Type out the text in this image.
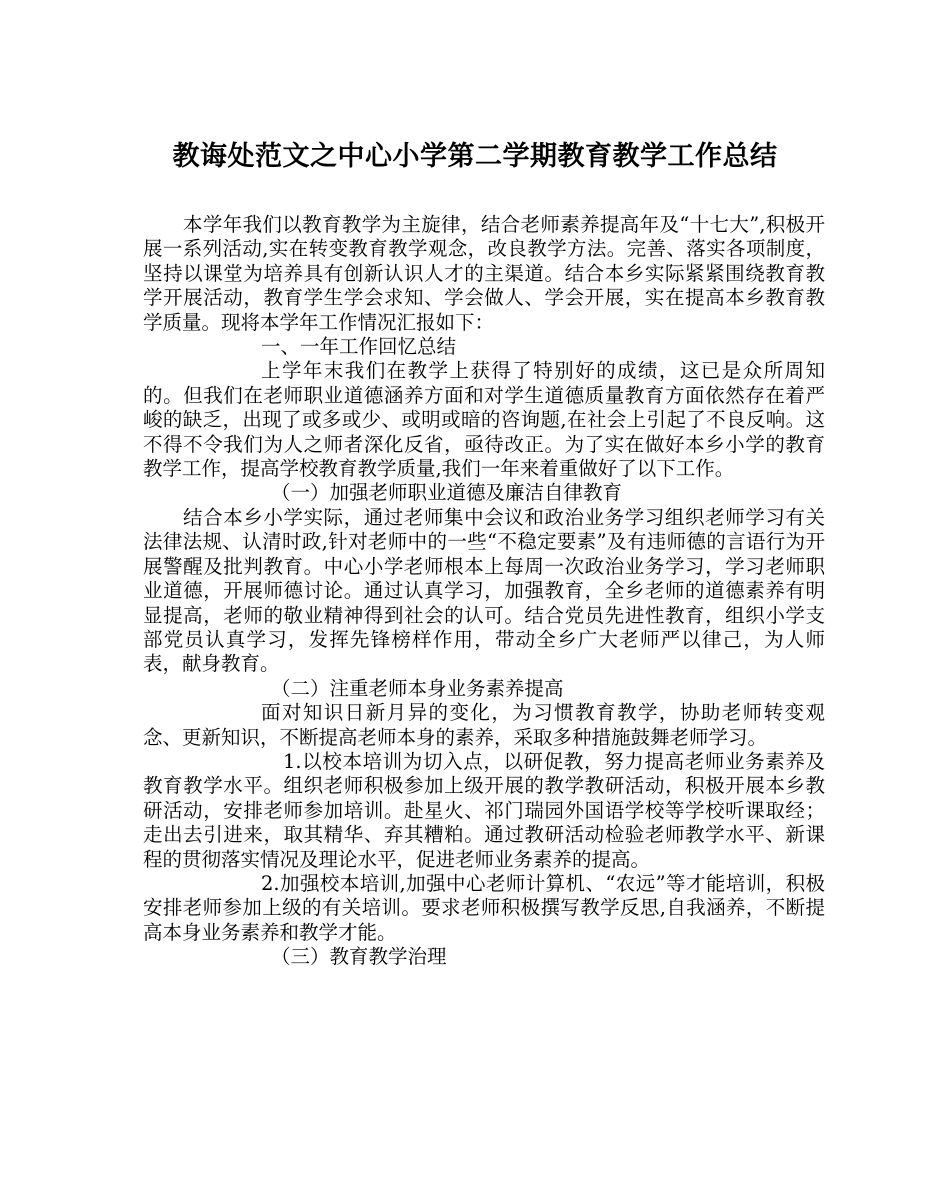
教诲处范文之中心小学第二学期教育教学工作总结

本学年我们以教育教学为主旋律，结合老师素养提高年及“十七大”,积极开展一系列活动,实在转变教育教学观念，改良教学方法。完善、落实各项制度，坚持以课堂为培养具有创新认识人才的主渠道。结合本乡实际紧紧围绕教育教学开展活动，教育学生学会求知、学会做人、学会开展，实在提高本乡教育教学质量。现将本学年工作情况汇报如下：

一、一年工作回忆总结

上学年末我们在教学上获得了特别好的成绩，这已是众所周知的。但我们在老师职业道德涵养方面和对学生道德质量教育方面依然存在着严峻的缺乏，出现了或多或少、或明或暗的咨询题,在社会上引起了不良反响。这不得不令我们为人之师者深化反省，亟待改正。为了实在做好本乡小学的教育教学工作，提高学校教育教学质量,我们一年来着重做好了以下工作。

（一）加强老师职业道德及廉洁自律教育

结合本乡小学实际，通过老师集中会议和政治业务学习组织老师学习有关法律法规、认清时政,针对老师中的一些“不稳定要素”及有违师德的言语行为开展警醒及批判教育。中心小学老师根本上每周一次政治业务学习，学习老师职业道德，开展师德讨论。通过认真学习，加强教育，全乡老师的道德素养有明显提高，老师的敬业精神得到社会的认可。结合党员先进性教育，组织小学支部党员认真学习，发挥先锋榜样作用，带动全乡广大老师严以律己，为人师表，献身教育。

（二）注重老师本身业务素养提高

面对知识日新月异的变化，为习惯教育教学，协助老师转变观念、更新知识，不断提高老师本身的素养，采取多种措施鼓舞老师学习。

1.以校本培训为切入点，以研促教，努力提高老师业务素养及教育教学水平。组织老师积极参加上级开展的教学教研活动，积极开展本乡教研活动，安排老师参加培训。赴星火、祁门瑞园外国语学校等学校听课取经；走出去引进来，取其精华、弃其糟粕。通过教研活动检验老师教学水平、新课程的贯彻落实情况及理论水平，促进老师业务素养的提高。

2.加强校本培训,加强中心老师计算机、“农远”等才能培训，积极安排老师参加上级的有关培训。要求老师积极撰写教学反思,自我涵养，不断提高本身业务素养和教学才能。

（三）教育教学治理
